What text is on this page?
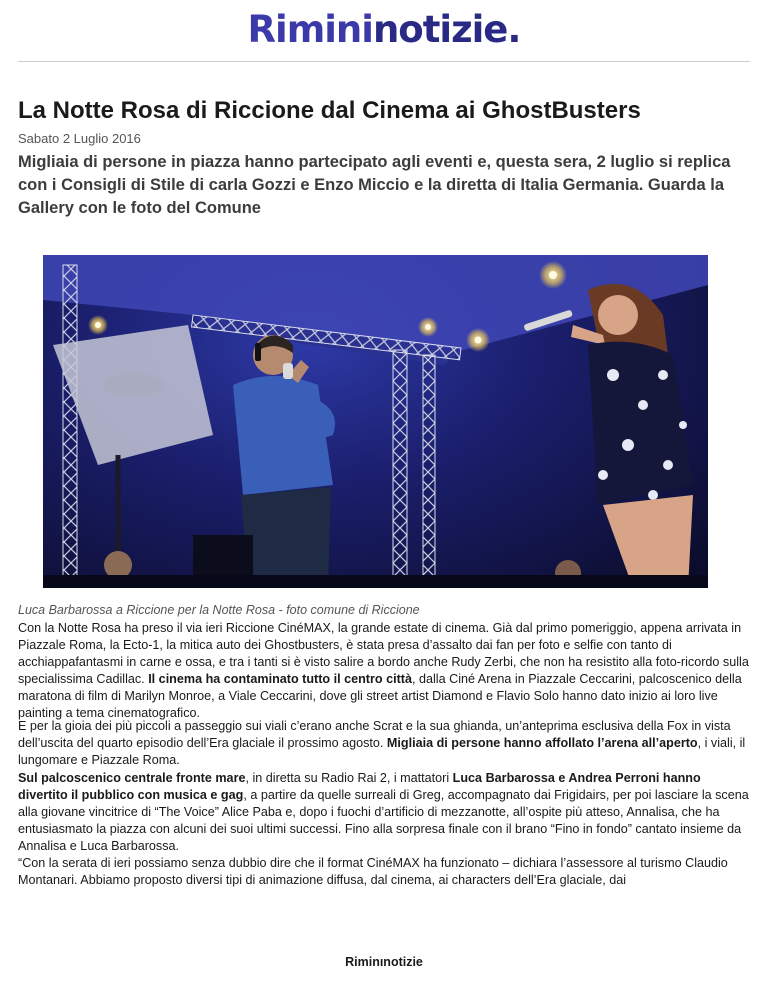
Rimininotizie.
La Notte Rosa di Riccione dal Cinema ai GhostBusters
Sabato 2 Luglio 2016

Migliaia di persone in piazza hanno partecipato agli eventi e, questa sera, 2 luglio si replica con i Consigli di Stile di carla Gozzi e Enzo Miccio e la diretta di Italia Germania. Guarda la Gallery con le foto del Comune

Luca Barbarossa a Riccione per la Notte Rosa - foto comune di Riccione

Con la Notte Rosa ha preso il via ieri Riccione CinéMAX, la grande estate di cinema. Già dal primo pomeriggio, appena arrivata in Piazzale Roma, la Ecto-1, la mitica auto dei Ghostbusters, è stata presa d’assalto dai fan per foto e selfie con tanto di acchiappafantasmi in carne e ossa, e tra i tanti si è visto salire a bordo anche Rudy Zerbi, che non ha resistito alla foto-ricordo sulla specialissima Cadillac. Il cinema ha contaminato tutto il centro città, dalla Ciné Arena in Piazzale Ceccarini, palcoscenico della maratona di film di Marilyn Monroe, a Viale Ceccarini, dove gli street artist Diamond e Flavio Solo hanno dato inizio ai loro live painting a tema cinematografico.

E per la gioia dei più piccoli a passeggio sui viali c’erano anche Scrat e la sua ghianda, un’anteprima esclusiva della Fox in vista dell’uscita del quarto episodio dell’Era glaciale il prossimo agosto. Migliaia di persone hanno affollato l’arena all’aperto, i viali, il lungomare e Piazzale Roma.

Sul palcoscenico centrale fronte mare, in diretta su Radio Rai 2, i mattatori Luca Barbarossa e Andrea Perroni hanno divertito il pubblico con musica e gag, a partire da quelle surreali di Greg, accompagnato dai Frigidairs, per poi lasciare la scena alla giovane vincitrice di “The Voice” Alice Paba e, dopo i fuochi d’artificio di mezzanotte, all’ospite più atteso, Annalisa, che ha entusiasmato la piazza con alcuni dei suoi ultimi successi. Fino alla sorpresa finale con il brano “Fino in fondo” cantato insieme da Annalisa e Luca Barbarossa.

“Con la serata di ieri possiamo senza dubbio dire che il format CinéMAX ha funzionato – dichiara l’assessore al turismo Claudio Montanari. Abbiamo proposto diversi tipi di animazione diffusa, dal cinema, ai characters dell’Era glaciale, dai

Riminınotizie
